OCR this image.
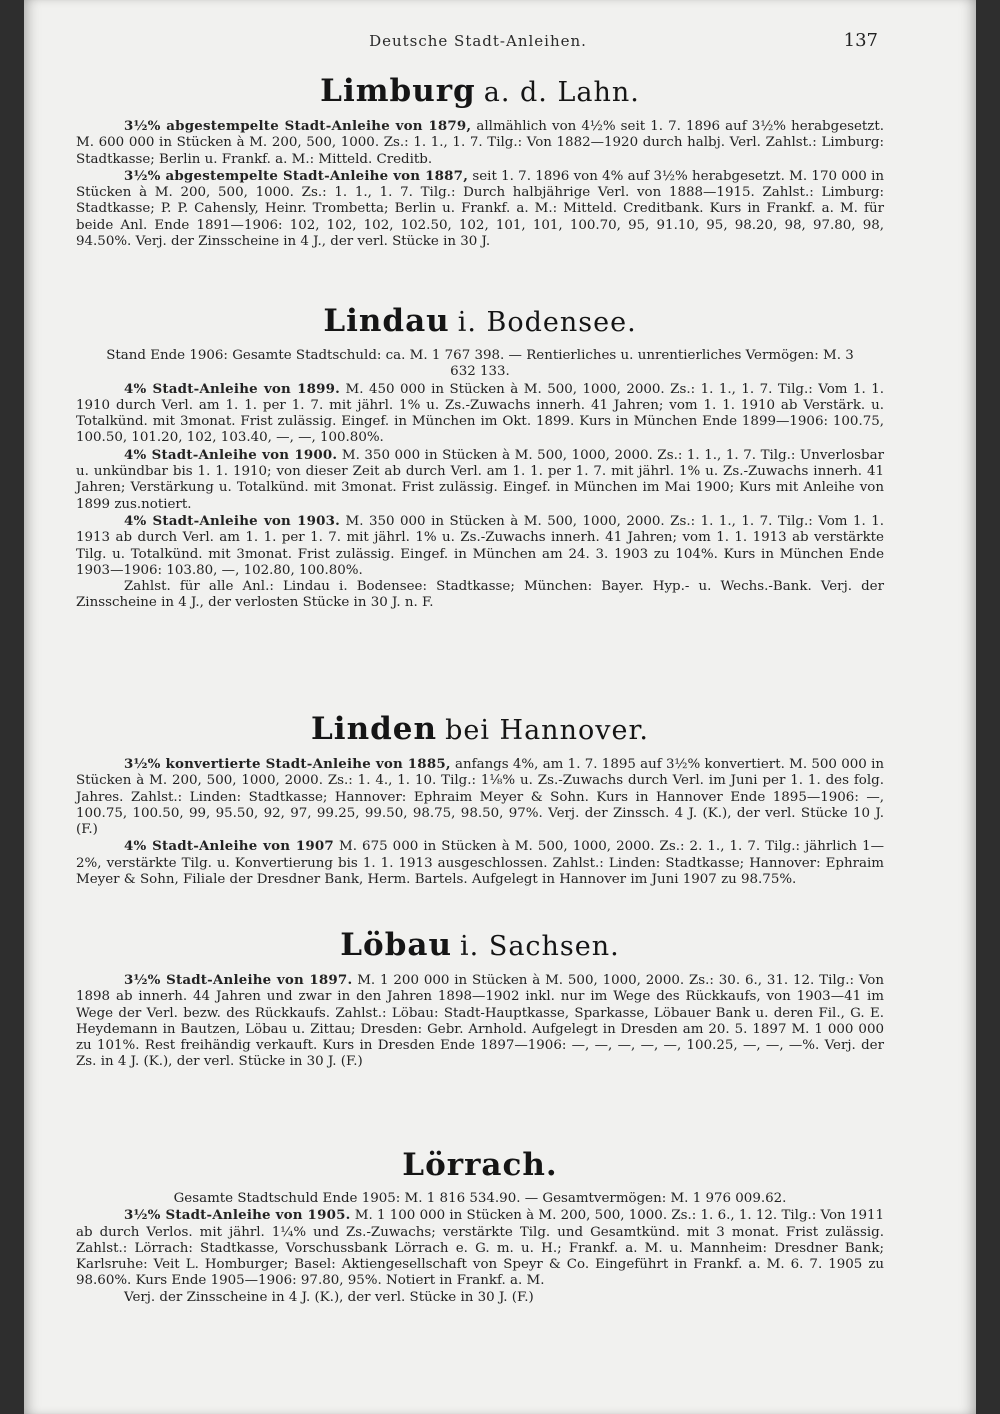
Deutsche Stadt-Anleihen.	137
Limburg a. d. Lahn.

3½% abgestempelte Stadt-Anleihe von 1879, allmählich von 4½% seit 1. 7. 1896 auf 3½% herabgesetzt. M. 600 000 in Stücken à M. 200, 500, 1000. Zs.: 1. 1., 1. 7. Tilg.: Von 1882—1920 durch halbj. Verl. Zahlst.: Limburg: Stadtkasse; Berlin u. Frankf. a. M.: Mitteld. Creditb.

3½% abgestempelte Stadt-Anleihe von 1887, seit 1. 7. 1896 von 4% auf 3½% herabgesetzt. M. 170 000 in Stücken à M. 200, 500, 1000. Zs.: 1. 1., 1. 7. Tilg.: Durch halbjährige Verl. von 1888—1915. Zahlst.: Limburg: Stadtkasse; P. P. Cahensly, Heinr. Trombetta; Berlin u. Frankf. a. M.: Mitteld. Creditbank. Kurs in Frankf. a. M. für beide Anl. Ende 1891—1906: 102, 102, 102, 102.50, 102, 101, 101, 100.70, 95, 91.10, 95, 98.20, 98, 97.80, 98, 94.50%. Verj. der Zinsscheine in 4 J., der verl. Stücke in 30 J.

Lindau i. Bodensee.

Stand Ende 1906: Gesamte Stadtschuld: ca. M. 1 767 398. — Rentierliches u. unrentierliches Vermögen: M. 3 632 133.

4% Stadt-Anleihe von 1899. M. 450 000 in Stücken à M. 500, 1000, 2000. Zs.: 1. 1., 1. 7. Tilg.: Vom 1. 1. 1910 durch Verl. am 1. 1. per 1. 7. mit jährl. 1% u. Zs.-Zuwachs innerh. 41 Jahren; vom 1. 1. 1910 ab Verstärk. u. Totalkünd. mit 3monat. Frist zulässig. Eingef. in München im Okt. 1899. Kurs in München Ende 1899—1906: 100.75, 100.50, 101.20, 102, 103.40, —, —, 100.80%.

4% Stadt-Anleihe von 1900. M. 350 000 in Stücken à M. 500, 1000, 2000. Zs.: 1. 1., 1. 7. Tilg.: Unverlosbar u. unkündbar bis 1. 1. 1910; von dieser Zeit ab durch Verl. am 1. 1. per 1. 7. mit jährl. 1% u. Zs.-Zuwachs innerh. 41 Jahren; Verstärkung u. Totalkünd. mit 3monat. Frist zulässig. Eingef. in München im Mai 1900; Kurs mit Anleihe von 1899 zus.notiert.

4% Stadt-Anleihe von 1903. M. 350 000 in Stücken à M. 500, 1000, 2000. Zs.: 1. 1., 1. 7. Tilg.: Vom 1. 1. 1913 ab durch Verl. am 1. 1. per 1. 7. mit jährl. 1% u. Zs.-Zuwachs innerh. 41 Jahren; vom 1. 1. 1913 ab verstärkte Tilg. u. Totalkünd. mit 3monat. Frist zulässig. Eingef. in München am 24. 3. 1903 zu 104%. Kurs in München Ende 1903—1906: 103.80, —, 102.80, 100.80%.

Zahlst. für alle Anl.: Lindau i. Bodensee: Stadtkasse; München: Bayer. Hyp.- u. Wechs.-Bank. Verj. der Zinsscheine in 4 J., der verlosten Stücke in 30 J. n. F.

Linden bei Hannover.

3½% konvertierte Stadt-Anleihe von 1885, anfangs 4%, am 1. 7. 1895 auf 3½% konvertiert. M. 500 000 in Stücken à M. 200, 500, 1000, 2000. Zs.: 1. 4., 1. 10. Tilg.: 1⅛% u. Zs.-Zuwachs durch Verl. im Juni per 1. 1. des folg. Jahres. Zahlst.: Linden: Stadtkasse; Hannover: Ephraim Meyer & Sohn. Kurs in Hannover Ende 1895—1906: —, 100.75, 100.50, 99, 95.50, 92, 97, 99.25, 99.50, 98.75, 98.50, 97%. Verj. der Zinssch. 4 J. (K.), der verl. Stücke 10 J. (F.)

4% Stadt-Anleihe von 1907 M. 675 000 in Stücken à M. 500, 1000, 2000. Zs.: 2. 1., 1. 7. Tilg.: jährlich 1—2%, verstärkte Tilg. u. Konvertierung bis 1. 1. 1913 ausgeschlossen. Zahlst.: Linden: Stadtkasse; Hannover: Ephraim Meyer & Sohn, Filiale der Dresdner Bank, Herm. Bartels. Aufgelegt in Hannover im Juni 1907 zu 98.75%.

Löbau i. Sachsen.

3½% Stadt-Anleihe von 1897. M. 1 200 000 in Stücken à M. 500, 1000, 2000. Zs.: 30. 6., 31. 12. Tilg.: Von 1898 ab innerh. 44 Jahren und zwar in den Jahren 1898—1902 inkl. nur im Wege des Rückkaufs, von 1903—41 im Wege der Verl. bezw. des Rückkaufs. Zahlst.: Löbau: Stadt-Hauptkasse, Sparkasse, Löbauer Bank u. deren Fil., G. E. Heydemann in Bautzen, Löbau u. Zittau; Dresden: Gebr. Arnhold. Aufgelegt in Dresden am 20. 5. 1897 M. 1 000 000 zu 101%. Rest freihändig verkauft. Kurs in Dresden Ende 1897—1906: —, —, —, —, —, 100.25, —, —, —%. Verj. der Zs. in 4 J. (K.), der verl. Stücke in 30 J. (F.)

Lörrach.

Gesamte Stadtschuld Ende 1905: M. 1 816 534.90. — Gesamtvermögen: M. 1 976 009.62.

3½% Stadt-Anleihe von 1905. M. 1 100 000 in Stücken à M. 200, 500, 1000. Zs.: 1. 6., 1. 12. Tilg.: Von 1911 ab durch Verlos. mit jährl. 1¼% und Zs.-Zuwachs; verstärkte Tilg. und Gesamtkünd. mit 3 monat. Frist zulässig. Zahlst.: Lörrach: Stadtkasse, Vorschussbank Lörrach e. G. m. u. H.; Frankf. a. M. u. Mannheim: Dresdner Bank; Karlsruhe: Veit L. Homburger; Basel: Aktiengesellschaft von Speyr & Co. Eingeführt in Frankf. a. M. 6. 7. 1905 zu 98.60%. Kurs Ende 1905—1906: 97.80, 95%. Notiert in Frankf. a. M.

Verj. der Zinsscheine in 4 J. (K.), der verl. Stücke in 30 J. (F.)
